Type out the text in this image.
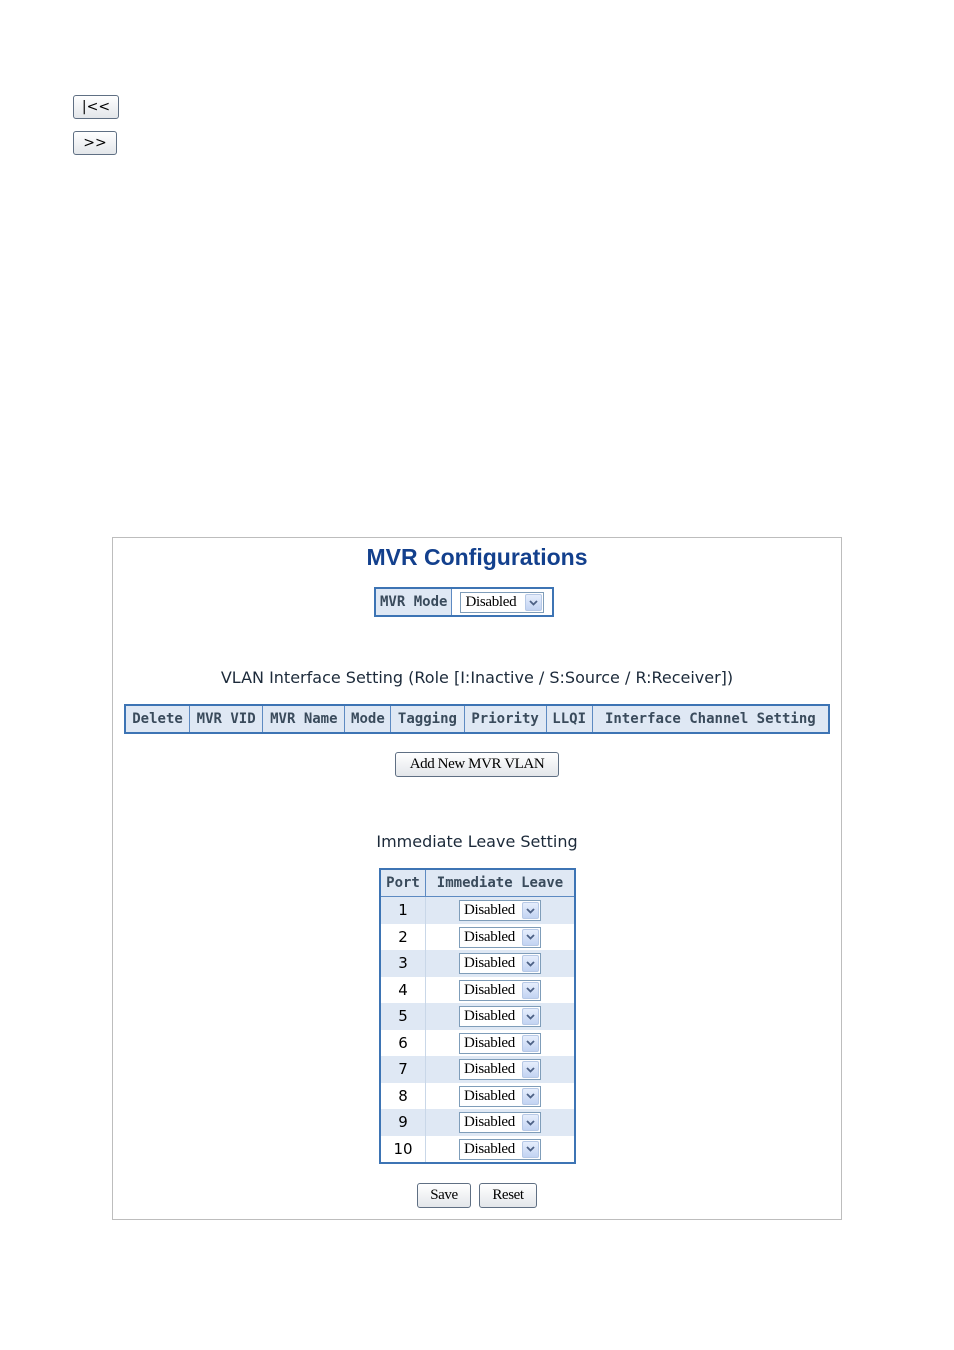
|<<
>>
MVR Configurations
MVR Mode	Disabled
VLAN Interface Setting (Role [I:Inactive / S:Source / R:Receiver])
Delete	MVR VID	MVR Name	Mode	Tagging	Priority	LLQI	Interface Channel Setting
Add New MVR VLAN
Immediate Leave Setting
Port	Immediate Leave
1	Disabled

2	Disabled

3	Disabled

4	Disabled

5	Disabled

6	Disabled

7	Disabled

8	Disabled

9	Disabled

10	Disabled
Save	Reset
